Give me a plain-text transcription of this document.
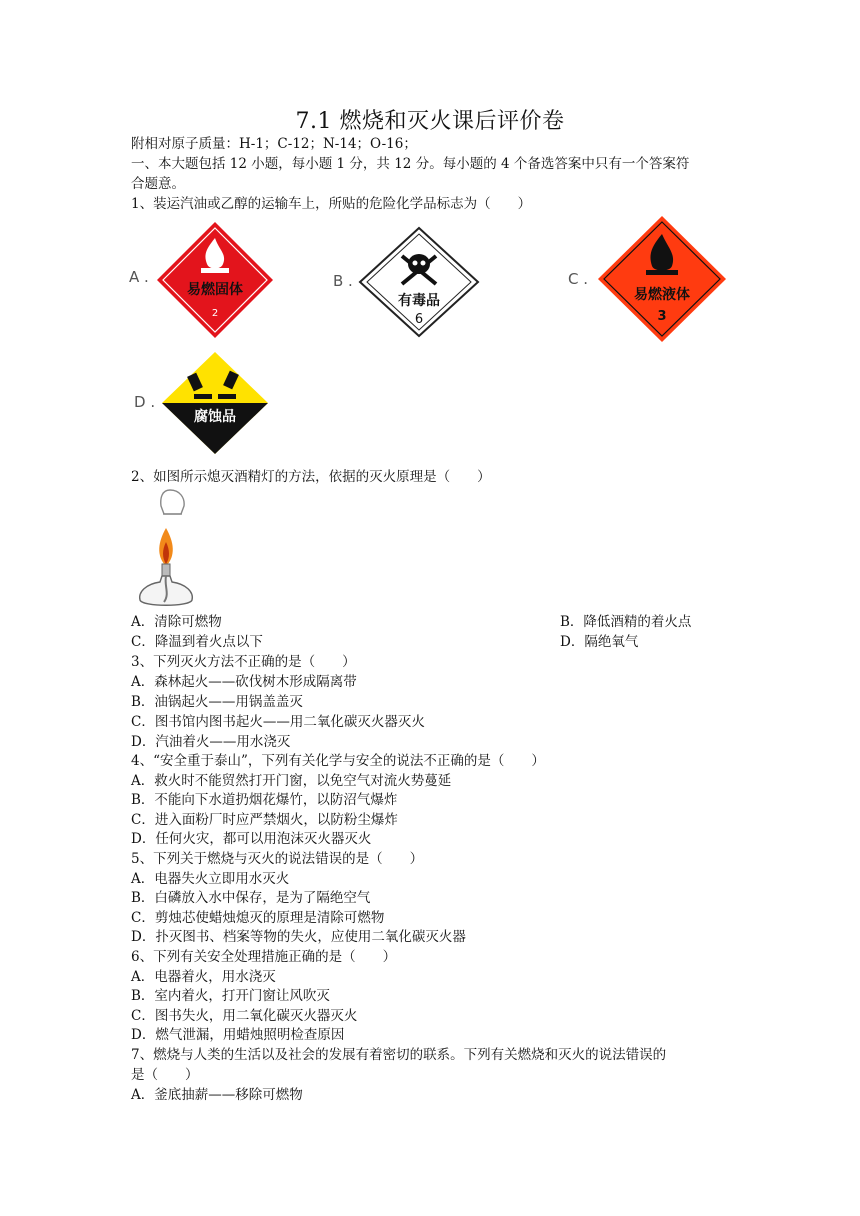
7.1 燃烧和灭火课后评价卷
附相对原子质量：H-1；C-12；N-14；O-16；
一、本大题包括 12 小题，每小题 1 分，共 12 分。每小题的 4 个备选答案中只有一个答案符
合题意。
1、装运汽油或乙醇的运输车上，所贴的危险化学品标志为（　　）
A .
易燃固体
2
B .
有毒品
6
C .
易燃液体
3
D .
腐蚀品
2、如图所示熄灭酒精灯的方法，依据的灭火原理是（　　）
A．清除可燃物	B．降低酒精的着火点
C．降温到着火点以下	D．隔绝氧气
3、下列灭火方法不正确的是（　　）
A．森林起火——砍伐树木形成隔离带
B．油锅起火——用锅盖盖灭
C．图书馆内图书起火——用二氧化碳灭火器灭火
D．汽油着火——用水浇灭
4、“安全重于泰山”，下列有关化学与安全的说法不正确的是（　　）
A．救火时不能贸然打开门窗，以免空气对流火势蔓延
B．不能向下水道扔烟花爆竹，以防沼气爆炸
C．进入面粉厂时应严禁烟火，以防粉尘爆炸
D．任何火灾，都可以用泡沫灭火器灭火
5、下列关于燃烧与灭火的说法错误的是（　　）
A．电器失火立即用水灭火
B．白磷放入水中保存，是为了隔绝空气
C．剪烛芯使蜡烛熄灭的原理是清除可燃物
D．扑灭图书、档案等物的失火，应使用二氧化碳灭火器
6、下列有关安全处理措施正确的是（　　）
A．电器着火，用水浇灭
B．室内着火，打开门窗让风吹灭
C．图书失火，用二氧化碳灭火器灭火
D．燃气泄漏，用蜡烛照明检查原因
7、燃烧与人类的生活以及社会的发展有着密切的联系。下列有关燃烧和灭火的说法错误的
是（　　）
A．釜底抽薪——移除可燃物
